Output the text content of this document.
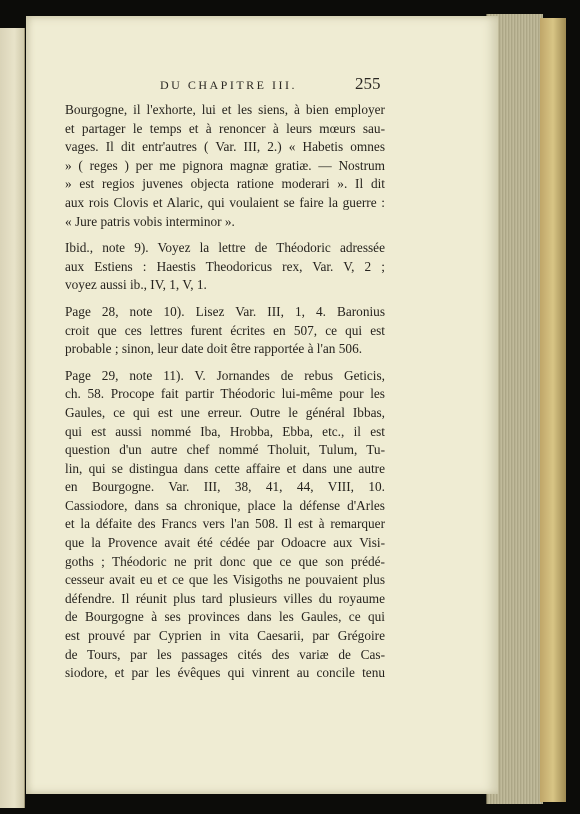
DU CHAPITRE III.	255
Bourgogne, il l'exhorte, lui et les siens, à bien employer
et partager le temps et à renoncer à leurs mœurs sau-
vages. Il dit entr'autres ( Var. III, 2.) « Habetis omnes
» ( reges ) per me pignora magnæ gratiæ. — Nostrum
» est regios juvenes objecta ratione moderari ». Il dit
aux rois Clovis et Alaric, qui voulaient se faire la guerre :
« Jure patris vobis interminor ».
Ibid., note 9). Voyez la lettre de Théodoric adressée
aux Estiens : Haestis Theodoricus rex, Var. V, 2 ;
voyez aussi ib., IV, 1, V, 1.
Page 28, note 10). Lisez Var. III, 1, 4. Baronius
croit que ces lettres furent écrites en 507, ce qui est
probable ; sinon, leur date doit être rapportée à l'an 506.
Page 29, note 11). V. Jornandes de rebus Geticis,
ch. 58. Procope fait partir Théodoric lui-même pour les
Gaules, ce qui est une erreur. Outre le général Ibbas,
qui est aussi nommé Iba, Hrobba, Ebba, etc., il est
question d'un autre chef nommé Tholuit, Tulum, Tu-
lin, qui se distingua dans cette affaire et dans une autre
en Bourgogne. Var. III, 38, 41, 44, VIII, 10.
Cassiodore, dans sa chronique, place la défense d'Arles
et la défaite des Francs vers l'an 508. Il est à remarquer
que la Provence avait été cédée par Odoacre aux Visi-
goths ; Théodoric ne prit donc que ce que son prédé-
cesseur avait eu et ce que les Visigoths ne pouvaient plus
défendre. Il réunit plus tard plusieurs villes du royaume
de Bourgogne à ses provinces dans les Gaules, ce qui
est prouvé par Cyprien in vita Caesarii, par Grégoire
de Tours, par les passages cités des variæ de Cas-
siodore, et par les évêques qui vinrent au concile tenu
